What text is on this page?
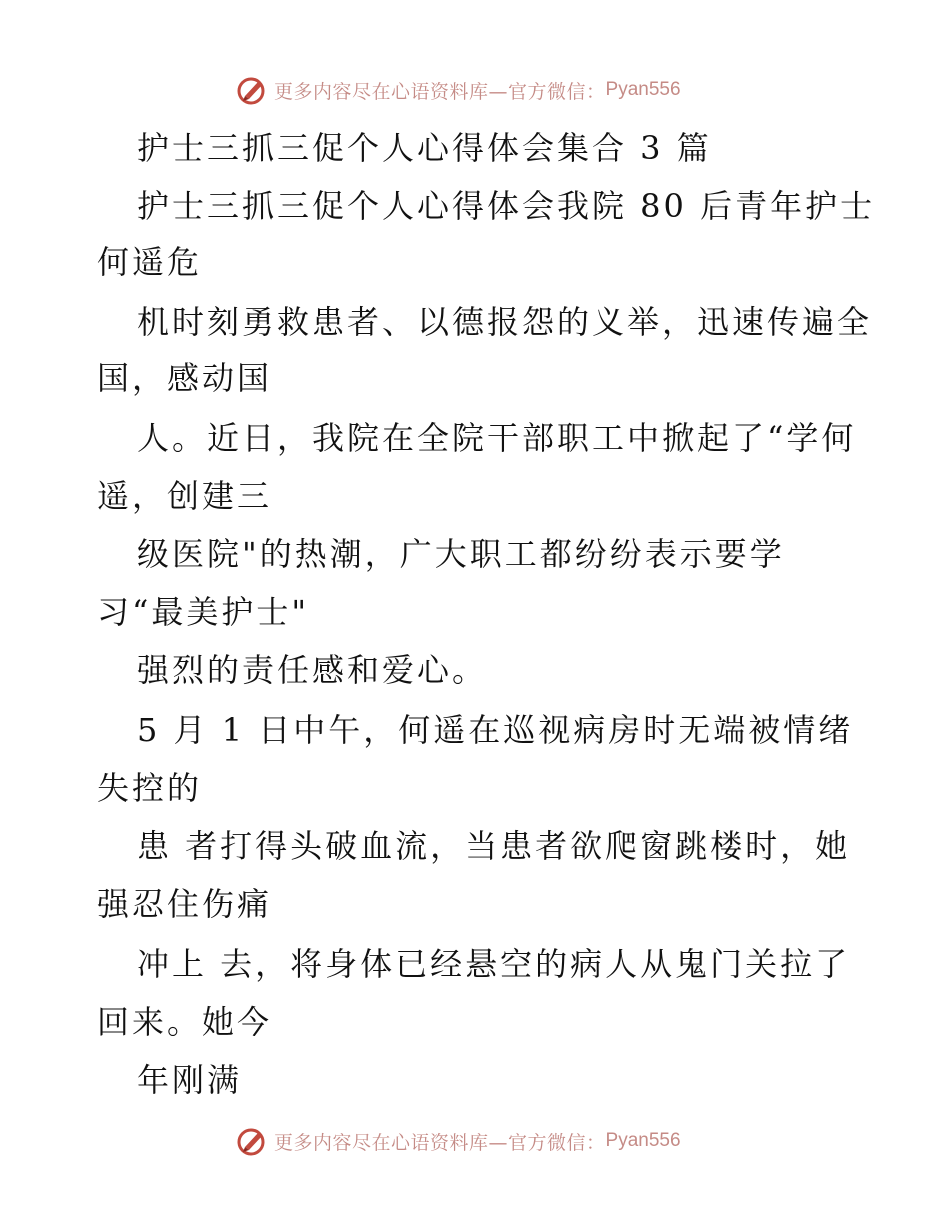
更多内容尽在心语资料库—官方微信： Pyan556
护士三抓三促个人心得体会集合 3 篇
护士三抓三促个人心得体会我院 80 后青年护士
何遥危
机时刻勇救患者、以德报怨的义举，迅速传遍全
国，感动国
人。近日，我院在全院干部职工中掀起了“学何
遥，创建三
级医院"的热潮，广大职工都纷纷表示要学
习“最美护士"
强烈的责任感和爱心。
5 月 1 日中午，何遥在巡视病房时无端被情绪
失控的
患 者打得头破血流，当患者欲爬窗跳楼时，她
强忍住伤痛
冲上 去，将身体已经悬空的病人从鬼门关拉了
回来。她今
年刚满
更多内容尽在心语资料库—官方微信： Pyan556
